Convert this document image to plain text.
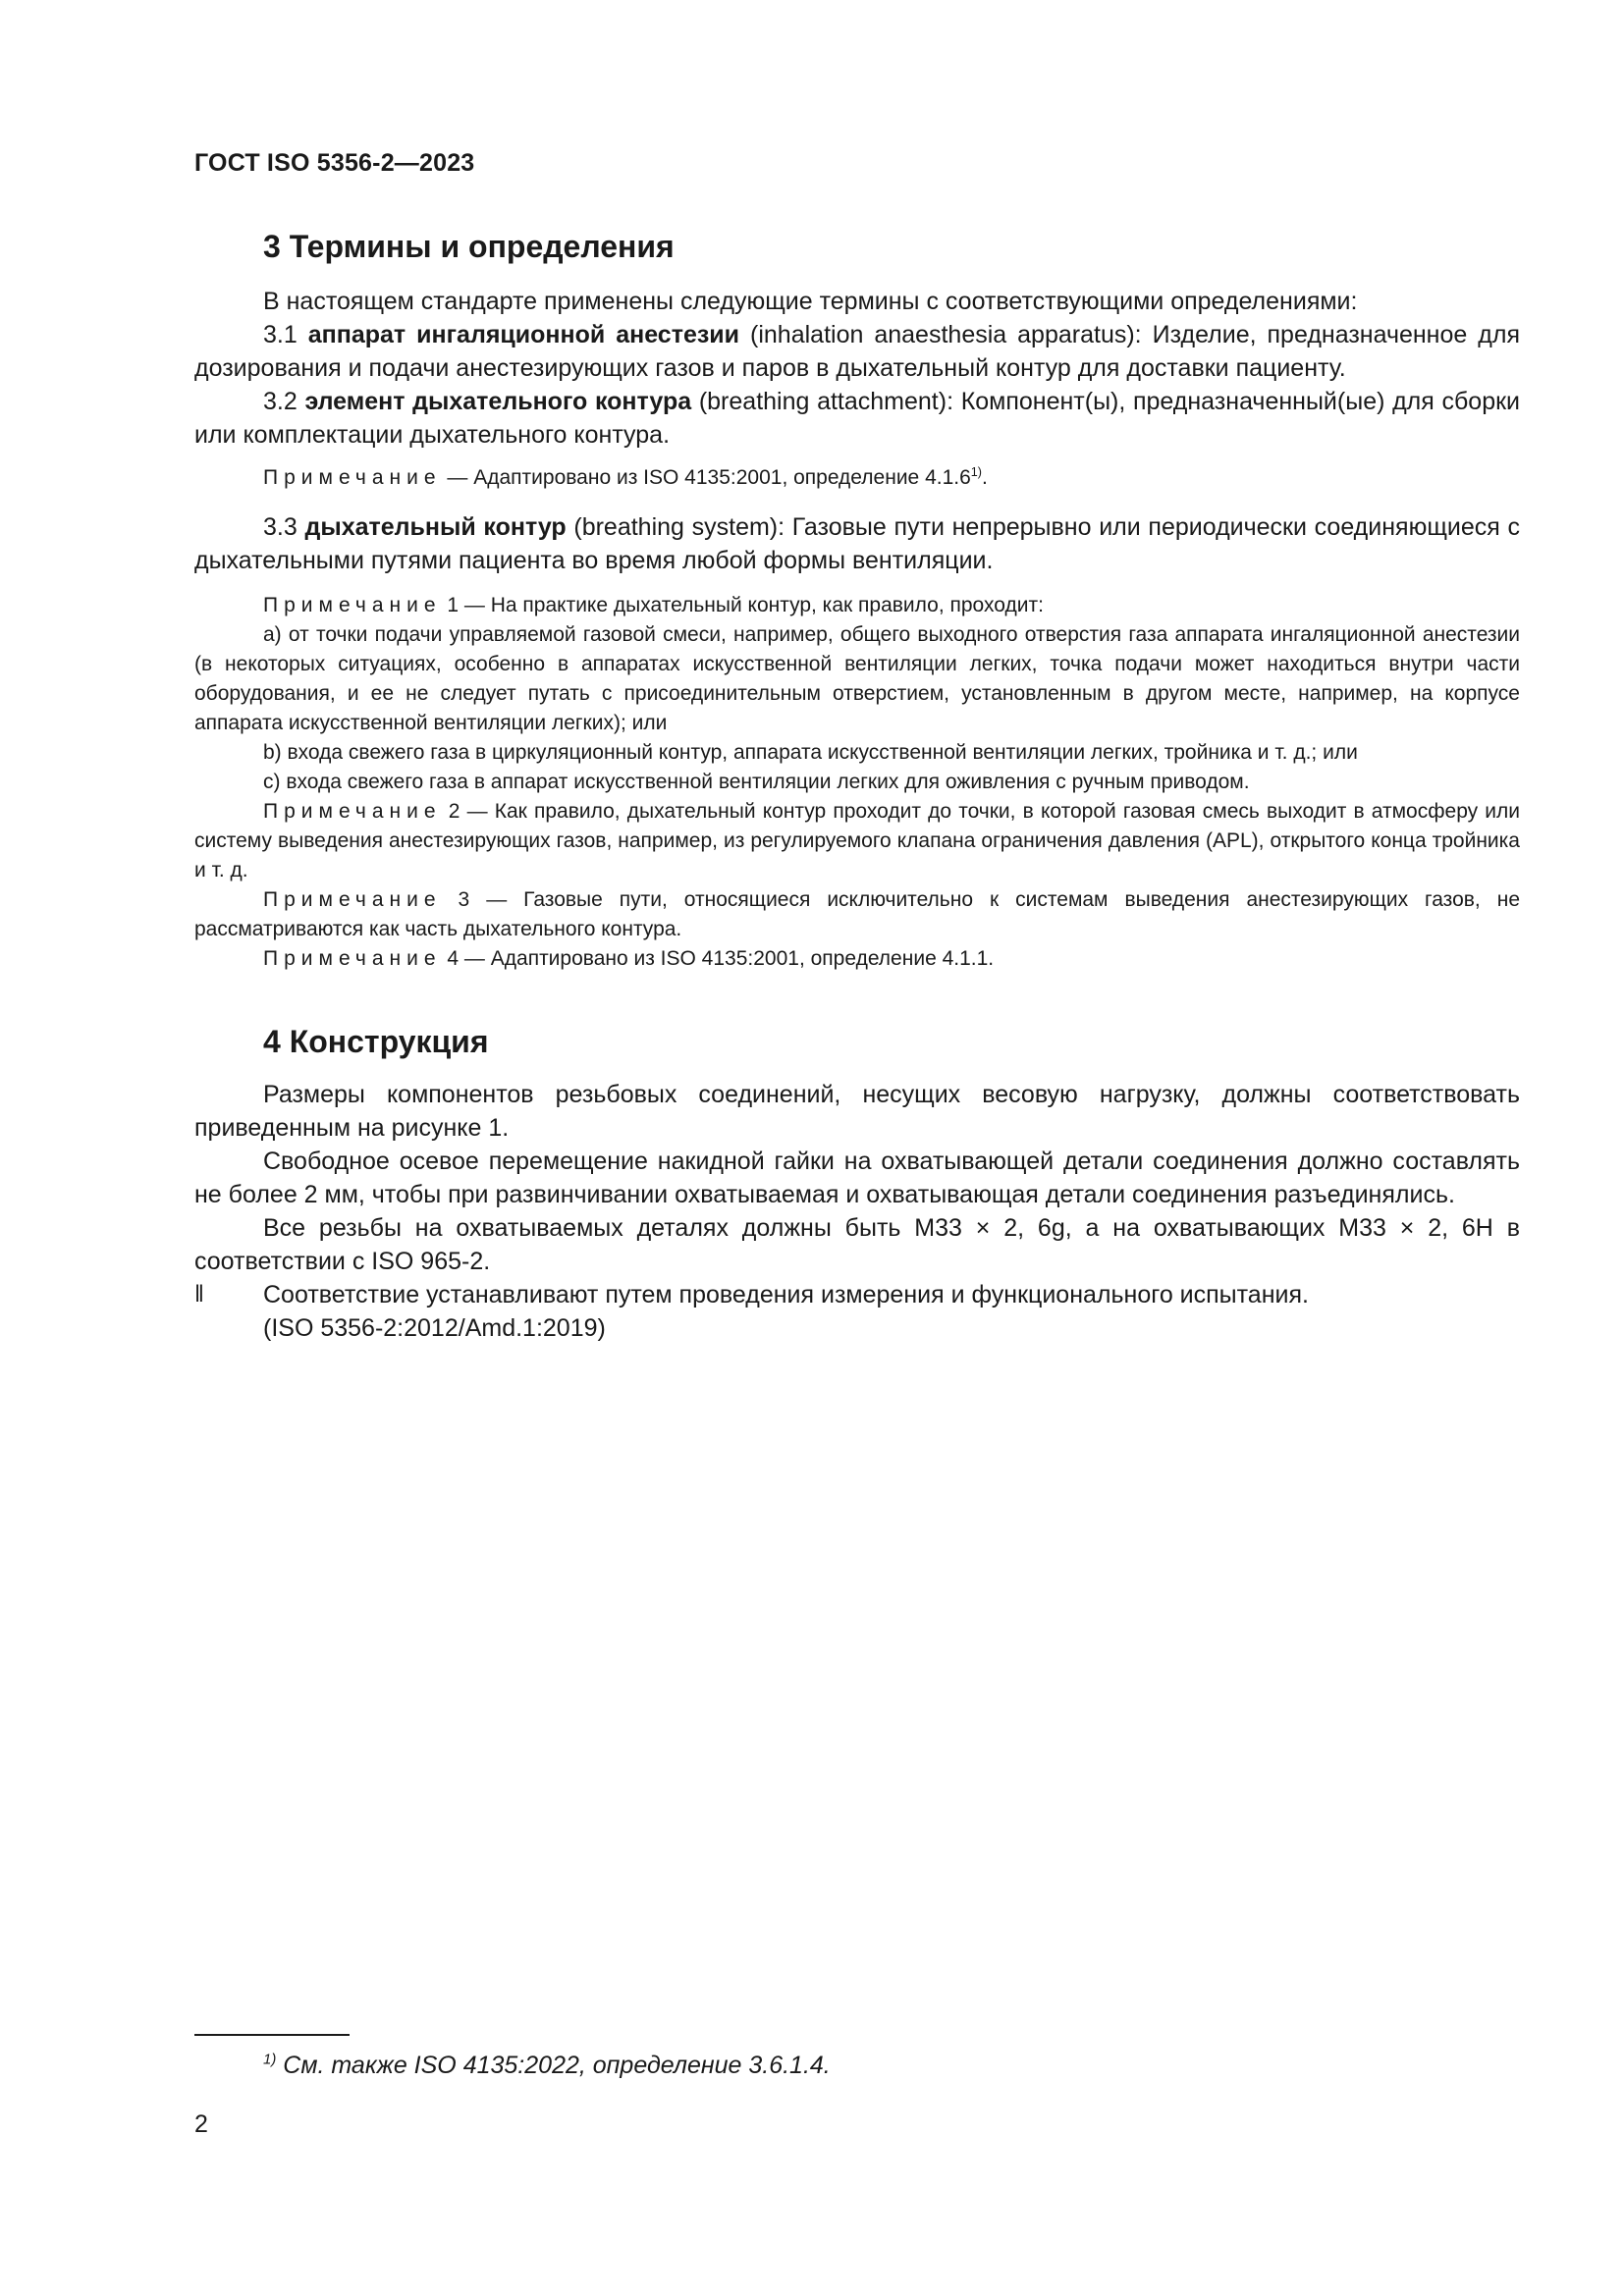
ГОСТ ISO 5356-2—2023
3 Термины и определения

В настоящем стандарте применены следующие термины с соответствующими определениями:

3.1 аппарат ингаляционной анестезии (inhalation anaesthesia apparatus): Изделие, предназначенное для дозирования и подачи анестезирующих газов и паров в дыхательный контур для доставки пациенту.

3.2 элемент дыхательного контура (breathing attachment): Компонент(ы), предназначенный(ые) для сборки или комплектации дыхательного контура.

Примечание — Адаптировано из ISO 4135:2001, определение 4.1.6$^{1)}$.

3.3 дыхательный контур (breathing system): Газовые пути непрерывно или периодически соединяющиеся с дыхательными путями пациента во время любой формы вентиляции.

Примечание 1 — На практике дыхательный контур, как правило, проходит:

a) от точки подачи управляемой газовой смеси, например, общего выходного отверстия газа аппарата ингаляционной анестезии (в некоторых ситуациях, особенно в аппаратах искусственной вентиляции легких, точка подачи может находиться внутри части оборудования, и ее не следует путать с присоединительным отверстием, установленным в другом месте, например, на корпусе аппарата искусственной вентиляции легких); или

b) входа свежего газа в циркуляционный контур, аппарата искусственной вентиляции легких, тройника и т. д.; или

c) входа свежего газа в аппарат искусственной вентиляции легких для оживления с ручным приводом.

Примечание 2 — Как правило, дыхательный контур проходит до точки, в которой газовая смесь выходит в атмосферу или систему выведения анестезирующих газов, например, из регулируемого клапана ограничения давления (APL), открытого конца тройника и т. д.

Примечание 3 — Газовые пути, относящиеся исключительно к системам выведения анестезирующих газов, не рассматриваются как часть дыхательного контура.

Примечание 4 — Адаптировано из ISO 4135:2001, определение 4.1.1.

4 Конструкция

Размеры компонентов резьбовых соединений, несущих весовую нагрузку, должны соответствовать приведенным на рисунке 1.

Свободное осевое перемещение накидной гайки на охватывающей детали соединения должно составлять не более 2 мм, чтобы при развинчивании охватываемая и охватывающая детали соединения разъединялись.

Все резьбы на охватываемых деталях должны быть M33 × 2, 6g, а на охватывающих M33 × 2, 6H в соответствии с ISO 965-2.

‖ Соответствие устанавливают путем проведения измерения и функционального испытания.

(ISO 5356-2:2012/Amd.1:2019)
$^{1)}$ См. также ISO 4135:2022, определение 3.6.1.4.
2
